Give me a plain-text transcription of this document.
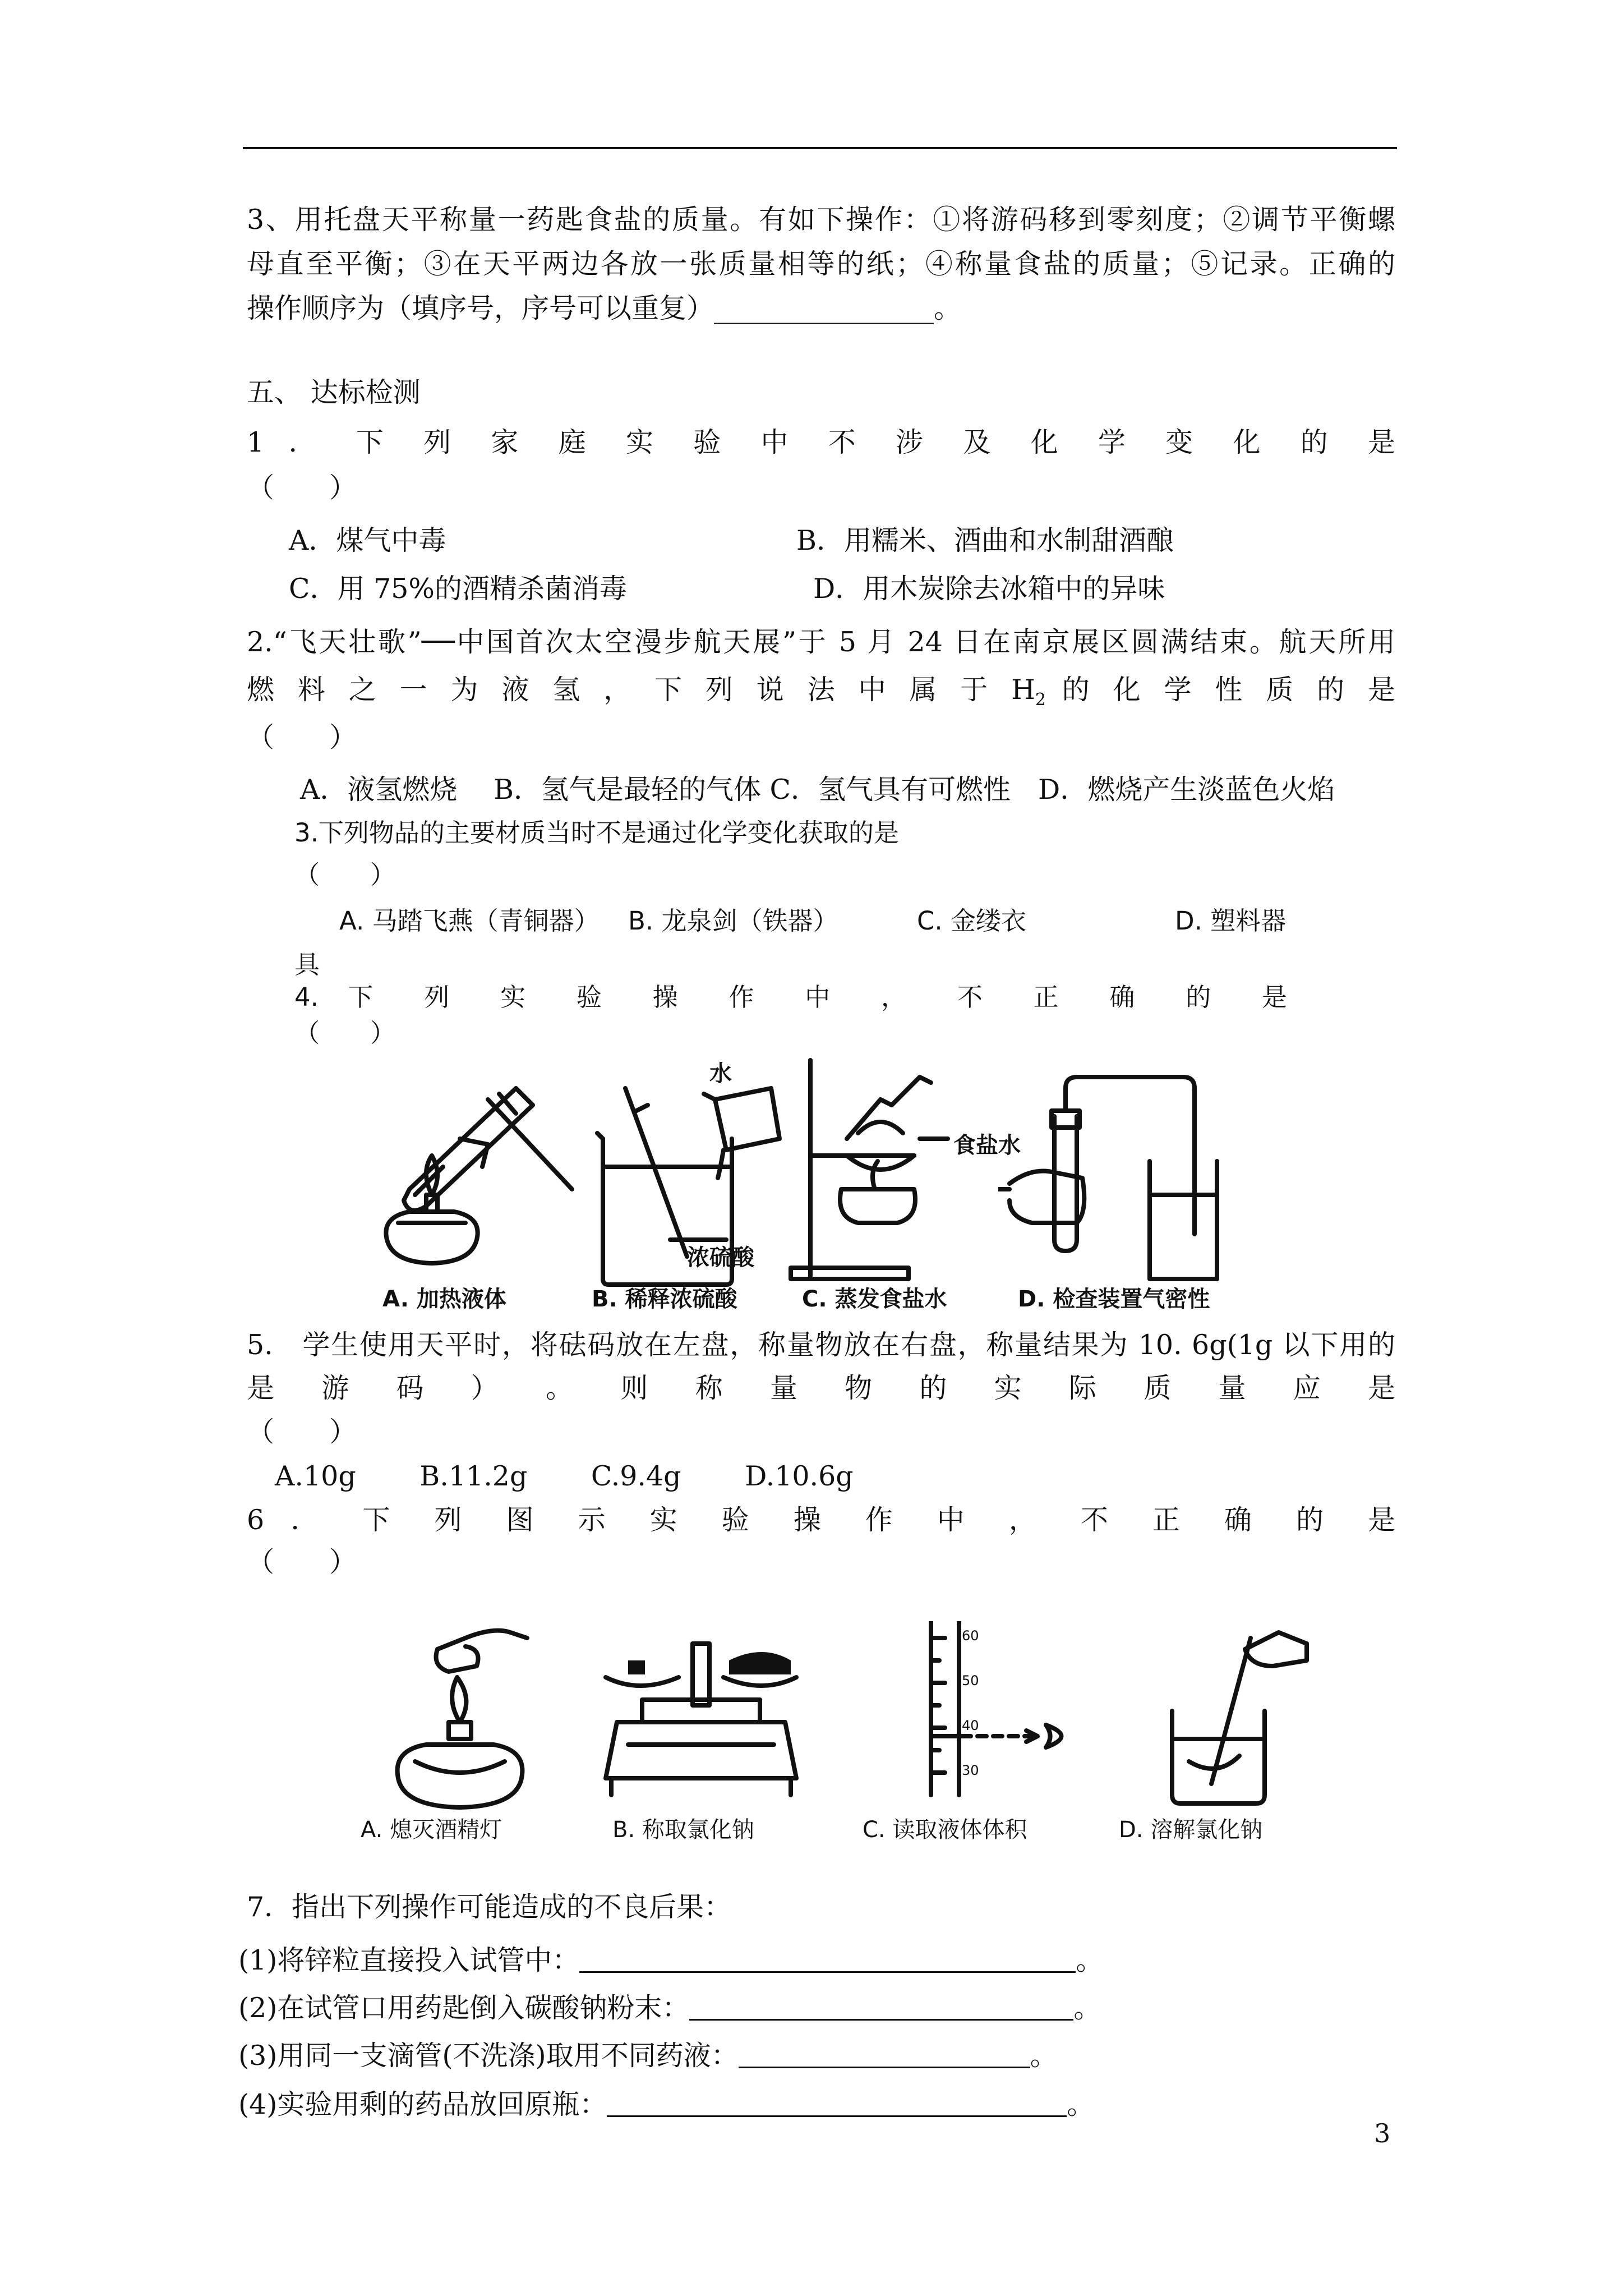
3、用托盘天平称量一药匙食盐的质量。有如下操作：①将游码移到零刻度；②调节平衡螺
母直至平衡；③在天平两边各放一张质量相等的纸；④称量食盐的质量；⑤记录。正确的
操作顺序为（填序号，序号可以重复）________________。
五、 达标检测
1 ． 下 列 家 庭 实 验 中 不 涉 及 化 学 变 化 的 是
（　　）
A．煤气中毒	B．用糯米、酒曲和水制甜酒酿
C．用 75%的酒精杀菌消毒	D．用木炭除去冰箱中的异味
2.“飞天壮歌”──中国首次太空漫步航天展”于 5 月 24 日在南京展区圆满结束。航天所用
燃 料 之 一 为 液 氢 ， 下 列 说 法 中 属 于 $H_2$ 的 化 学 性 质 的 是
（　　）
A．液氢燃烧　 B．氢气是最轻的气体 C．氢气具有可燃性　D．燃烧产生淡蓝色火焰
3.下列物品的主要材质当时不是通过化学变化获取的是
（　　）
A. 马踏飞燕（青铜器） B. 龙泉剑（铁器）	C. 金缕衣	D. 塑料器
具
4. 下 列 实 验 操 作 中 ， 不 正 确 的 是
（　　）
水
浓硫酸
食盐水
A. 加热液体	B. 稀释浓硫酸	C. 蒸发食盐水	D. 检查装置气密性
5.　学生使用天平时，将砝码放在左盘，称量物放在右盘，称量结果为 10. 6g(1g 以下用的
是 游 码 ） 。 则 称 量 物 的 实 际 质 量 应 是
（　　）
A.10g　　 B.11.2g　　 C.9.4g　　 D.10.6g
6 ． 下 列 图 示 实 验 操 作 中 ， 不 正 确 的 是
（　　）
60
50
40
30
A. 熄灭酒精灯	B. 称取氯化钠	C. 读取液体体积	D. 溶解氯化钠
7．指出下列操作可能造成的不良后果：
(1)将锌粒直接投入试管中：	。
(2)在试管口用药匙倒入碳酸钠粉末：	。
(3)用同一支滴管(不洗涤)取用不同药液：	。
(4)实验用剩的药品放回原瓶：	。
3
